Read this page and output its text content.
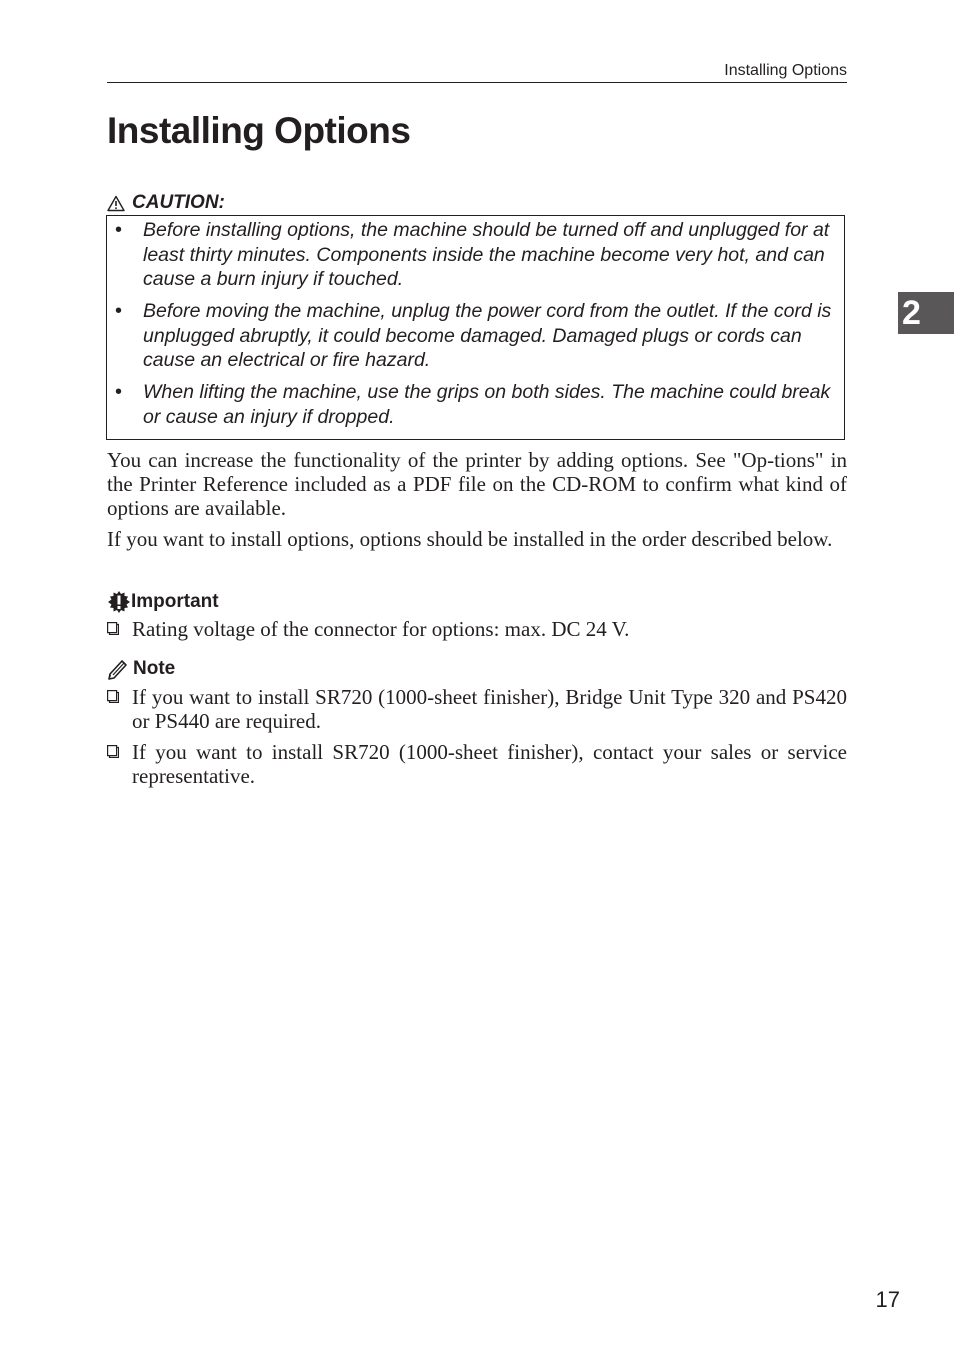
Installing Options
Installing Options
2
CAUTION:
• Before installing options, the machine should be turned off and unplugged for at least thirty minutes. Components inside the machine become very hot, and can cause a burn injury if touched.
• Before moving the machine, unplug the power cord from the outlet. If the cord is unplugged abruptly, it could become damaged. Damaged plugs or cords can cause an electrical or fire hazard.
• When lifting the machine, use the grips on both sides. The machine could break or cause an injury if dropped.

You can increase the functionality of the printer by adding options. See "Op-tions" in the Printer Reference included as a PDF file on the CD-ROM to confirm what kind of options are available.

If you want to install options, options should be installed in the order described below.

Important
Rating voltage of the connector for options: max. DC 24 V.
Note
If you want to install SR720 (1000-sheet finisher), Bridge Unit Type 320 and PS420 or PS440 are required.
If you want to install SR720 (1000-sheet finisher), contact your sales or service representative.
17
